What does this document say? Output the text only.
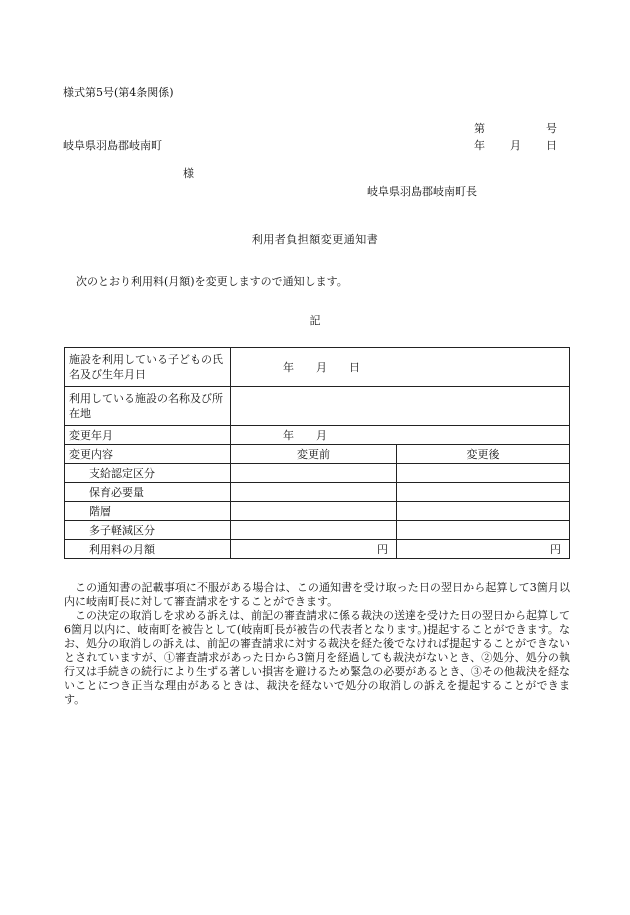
様式第5号(第4条関係)
第	号
年 月 日
岐阜県羽島郡岐南町
様
岐阜県羽島郡岐南町長
利用者負担額変更通知書
次のとおり利用料(月額)を変更しますので通知します。
記
施設を利用している子どもの氏名及び生年月日	年　　月　　日	
利用している施設の名称及び所在地		
変更年月	年　　月	
変更内容	変更前	変更後
支給認定区分		
保育必要量		
階層		
多子軽減区分		
利用料の月額	円	円

この通知書の記載事項に不服がある場合は、この通知書を受け取った日の翌日から起算して3箇月以内に岐南町長に対して審査請求をすることができます。

この決定の取消しを求める訴えは、前記の審査請求に係る裁決の送達を受けた日の翌日から起算して6箇月以内に、岐南町を被告として(岐南町長が被告の代表者となります。)提起することができます。なお、処分の取消しの訴えは、前記の審査請求に対する裁決を経た後でなければ提起することができないとされていますが、①審査請求があった日から3箇月を経過しても裁決がないとき、②処分、処分の執行又は手続きの続行により生ずる著しい損害を避けるため緊急の必要があるとき、③その他裁決を経ないことにつき正当な理由があるときは、裁決を経ないで処分の取消しの訴えを提起することができます。
